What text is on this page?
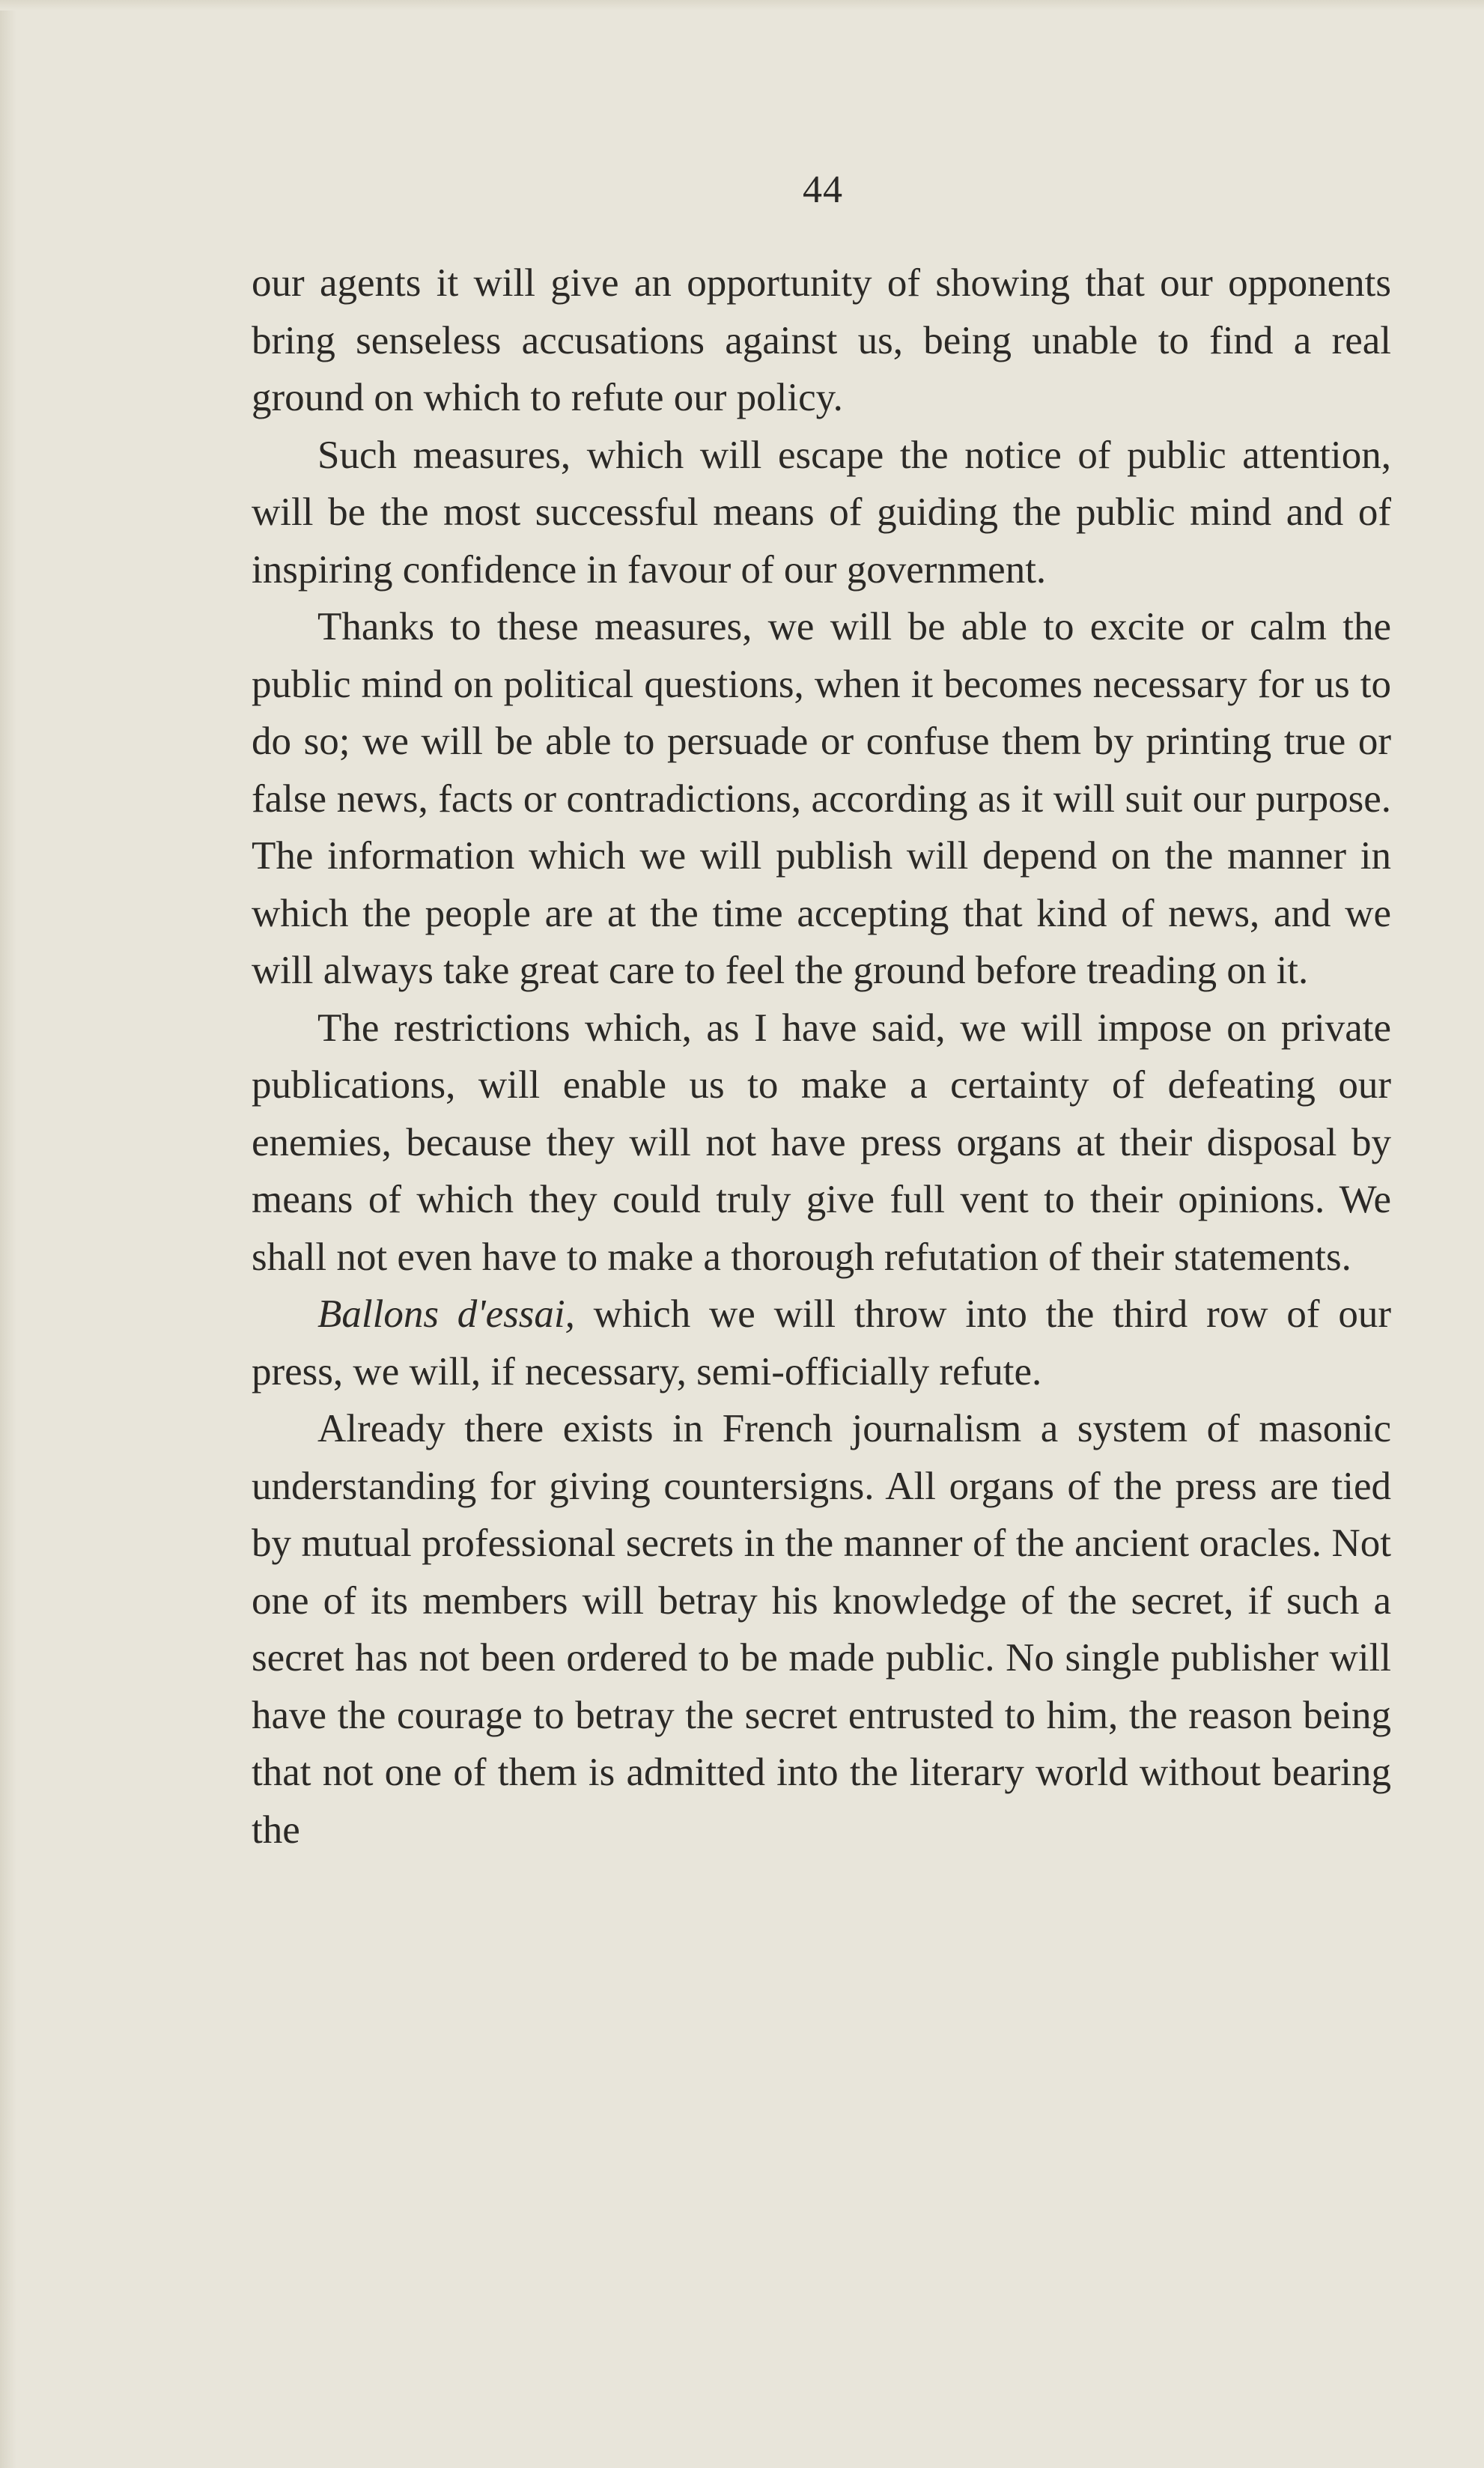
44

our agents it will give an opportunity of showing that our opponents bring senseless accusations against us, being unable to find a real ground on which to refute our policy.

Such measures, which will escape the notice of public attention, will be the most successful means of guiding the public mind and of inspiring confidence in favour of our government.

Thanks to these measures, we will be able to excite or calm the public mind on political questions, when it becomes necessary for us to do so; we will be able to persuade or confuse them by printing true or false news, facts or contradictions, according as it will suit our purpose. The information which we will publish will depend on the manner in which the people are at the time accepting that kind of news, and we will always take great care to feel the ground before treading on it.

The restrictions which, as I have said, we will impose on private publications, will enable us to make a certainty of defeating our enemies, because they will not have press organs at their disposal by means of which they could truly give full vent to their opinions. We shall not even have to make a thorough refutation of their statements.

Ballons d'essai, which we will throw into the third row of our press, we will, if necessary, semi-officially refute.

Already there exists in French journalism a system of masonic understanding for giving countersigns. All organs of the press are tied by mutual professional secrets in the manner of the ancient oracles. Not one of its members will betray his knowledge of the secret, if such a secret has not been ordered to be made public. No single publisher will have the courage to betray the secret entrusted to him, the reason being that not one of them is admitted into the literary world without bearing the
